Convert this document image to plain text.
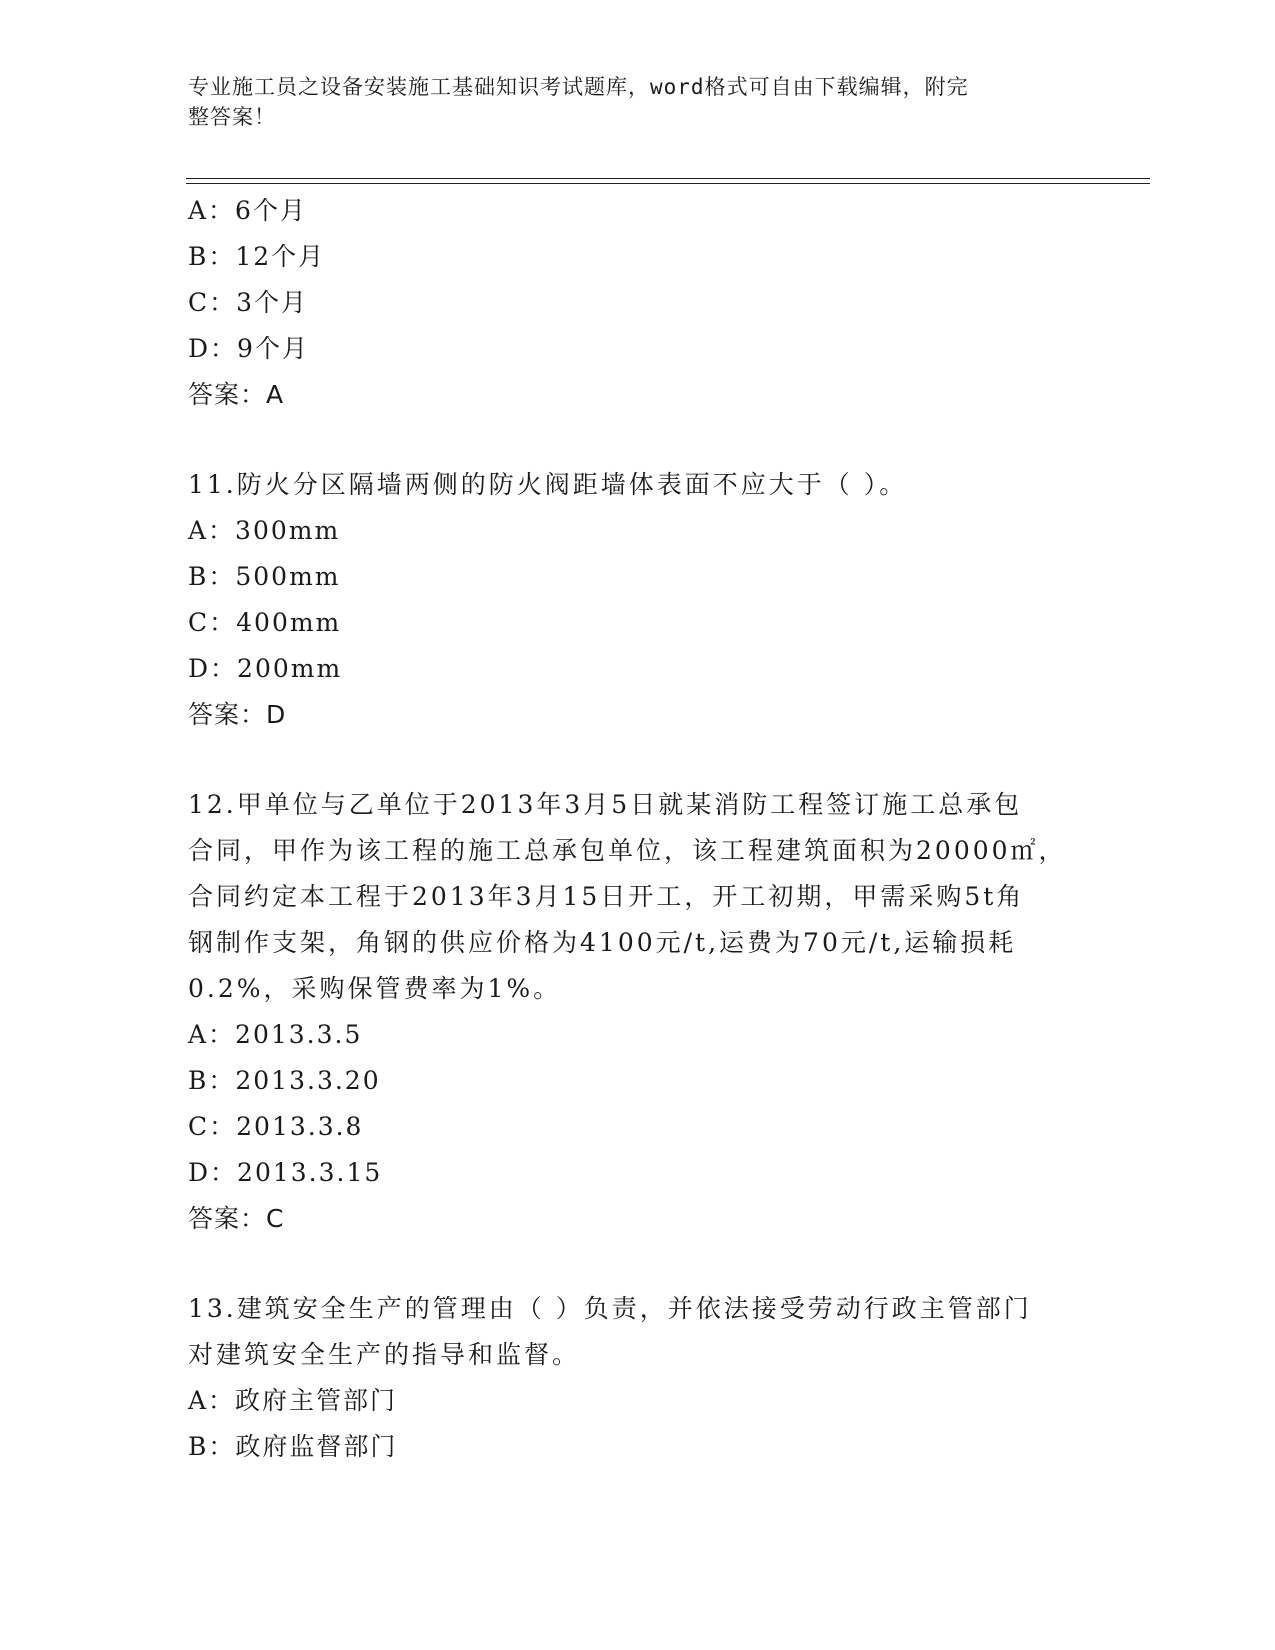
专业施工员之设备安装施工基础知识考试题库，word格式可自由下载编辑，附完
整答案！
A：6个月
B：12个月
C：3个月
D：9个月
答案：A
11.防火分区隔墙两侧的防火阀距墙体表面不应大于（ ）。
A：300mm
B：500mm
C：400mm
D：200mm
答案：D
12.甲单位与乙单位于2013年3月5日就某消防工程签订施工总承包
合同，甲作为该工程的施工总承包单位，该工程建筑面积为20000㎡，
合同约定本工程于2013年3月15日开工，开工初期，甲需采购5t角
钢制作支架，角钢的供应价格为4100元/t,运费为70元/t,运输损耗
0.2%，采购保管费率为1%。
A：2013.3.5
B：2013.3.20
C：2013.3.8
D：2013.3.15
答案：C
13.建筑安全生产的管理由（ ）负责，并依法接受劳动行政主管部门
对建筑安全生产的指导和监督。
A：政府主管部门
B：政府监督部门
